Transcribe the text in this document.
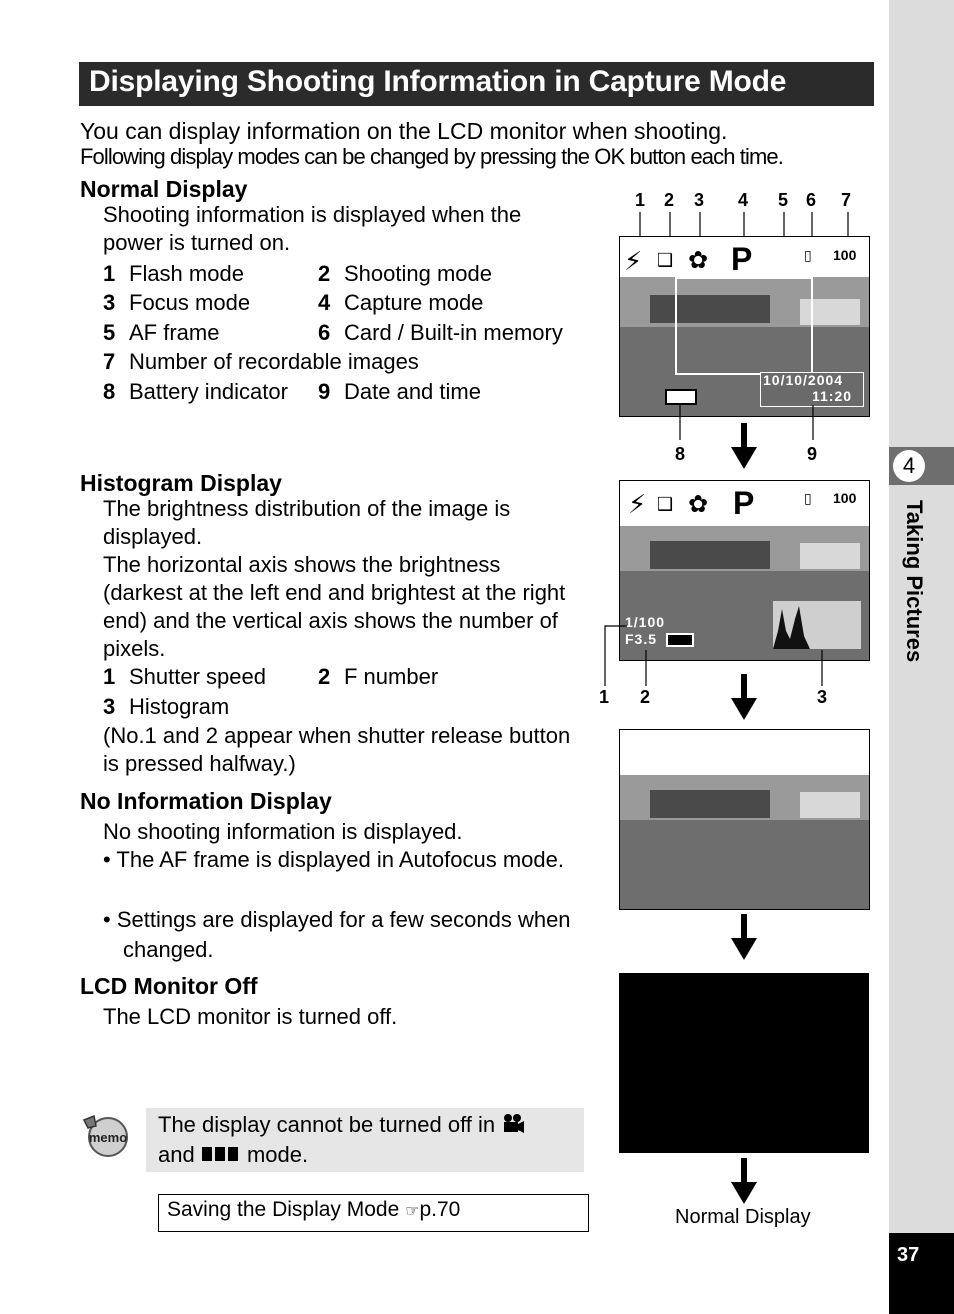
4
Taking Pictures
37
Displaying Shooting Information in Capture Mode
You can display information on the LCD monitor when shooting.
Following display modes can be changed by pressing the OK button each time.
Normal Display
Shooting information is displayed when the power is turned on.
1 Flash mode	2 Shooting mode
3 Focus mode	4 Capture mode
5 AF frame	6 Card / Built-in memory
7 Number of recordable images
8 Battery indicator 9 Date and time
Histogram Display
The brightness distribution of the image is displayed.
The horizontal axis shows the brightness (darkest at the left end and brightest at the right end) and the vertical axis shows the number of pixels.
1 Shutter speed 2 F number
3 Histogram
(No.1 and 2 appear when shutter release button is pressed halfway.)
No Information Display
No shooting information is displayed.
• The AF frame is displayed in Autofocus mode.
• Settings are displayed for a few seconds when changed.
LCD Monitor Off
The LCD monitor is turned off.
memo
The display cannot be turned off in
and mode.
Saving the Display Mode ☞p.70
1 2 3 4 5 6 7
⚡ ❑ ✿ P	▯ 100
10/10/2004
11:20
8	9
⚡ ❑ ✿ P	▯ 100
1/100
F3.5
1 2	3
Normal Display
